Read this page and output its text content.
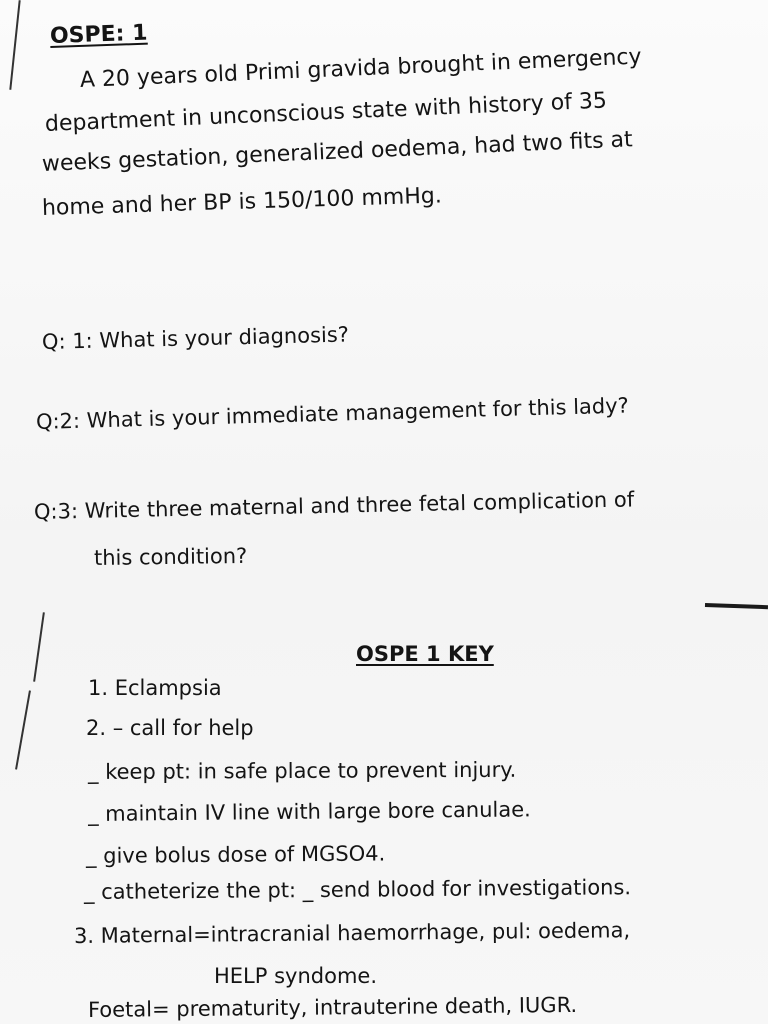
OSPE: 1
A 20 years old Primi gravida brought in emergency
department in unconscious state with history of 35
weeks gestation, generalized oedema, had two fits at
home and her BP is 150/100 mmHg.
Q: 1: What is your diagnosis?
Q:2: What is your immediate management for this lady?
Q:3: Write three maternal and three fetal complication of
this condition?
OSPE 1 KEY
1. Eclampsia
2. – call for help
_ keep pt: in safe place to prevent injury.
_ maintain IV line with large bore canulae.
_ give bolus dose of MGSO4.
_ catheterize the pt: _ send blood for investigations.
3. Maternal=intracranial haemorrhage, pul: oedema,
HELP syndome.
Foetal= prematurity, intrauterine death, IUGR.
